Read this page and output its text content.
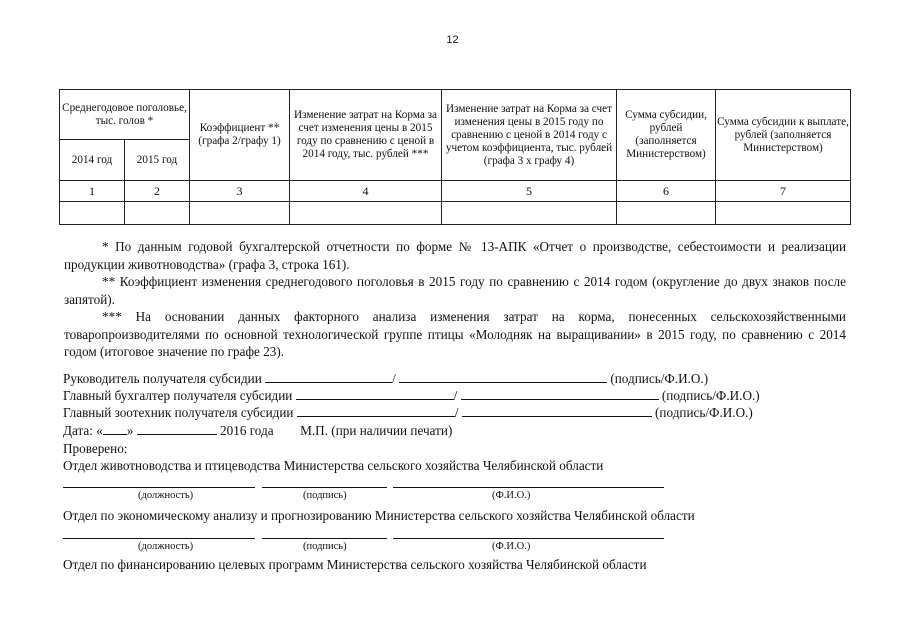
12
Среднегодовое поголовье, тыс. голов *		Коэффициент ** (графа 2/графу 1)	Изменение затрат на Корма за счет изменения цены в 2015 году по сравнению с ценой в 2014 году, тыс. рублей ***	Изменение затрат на Корма за счет изменения цены в 2015 году по сравнению с ценой в 2014 году с учетом коэффициента, тыс. рублей (графа 3 х графу 4)	Сумма субсидии, рублей (заполняется Министерством)	Сумма субсидии к выплате, рублей (заполняется Министерством)
2014 год	2015 год					
1	2	3	4	5	6	7

* По данным годовой бухгалтерской отчетности по форме № 13-АПК «Отчет о производстве, себестоимости и реализации продукции животноводства» (графа 3, строка 161).

** Коэффициент изменения среднегодового поголовья в 2015 году по сравнению с 2014 годом (округление до двух знаков после запятой).

*** На основании данных факторного анализа изменения затрат на корма, понесенных сельскохозяйственными товаропроизводителями по основной технологической группе птицы «Молодняк на выращивании» в 2015 году, по сравнению с 2014 годом (итоговое значение по графе 23).

Руководитель получателя субсидии	/	(подпись/Ф.И.О.)
Главный бухгалтер получателя субсидии	/	(подпись/Ф.И.О.)
Главный зоотехник получателя субсидии	/	(подпись/Ф.И.О.)
Дата: « »	2016 года М.П. (при наличии печати)
Проверено:
Отдел животноводства и птицеводства Министерства сельского хозяйства Челябинской области
(должность)	(подпись)	(Ф.И.О.)
Отдел по экономическому анализу и прогнозированию Министерства сельского хозяйства Челябинской области
(должность)	(подпись)	(Ф.И.О.)
Отдел по финансированию целевых программ Министерства сельского хозяйства Челябинской области
